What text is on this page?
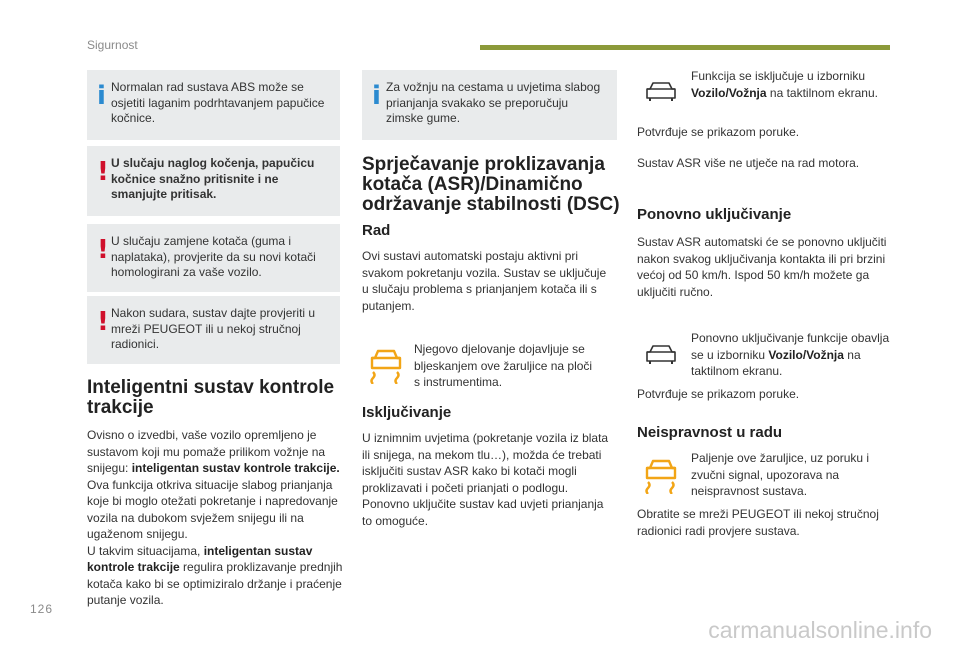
Sigurnost
126
carmanualsonline.info
i Normalan rad sustava ABS može se osjetiti laganim podrhtavanjem papučice kočnice.
! U slučaju naglog kočenja, papučicu kočnice snažno pritisnite i ne smanjujte pritisak.
! U slučaju zamjene kotača (guma i naplataka), provjerite da su novi kotači homologirani za vaše vozilo.
! Nakon sudara, sustav dajte provjeriti u mreži PEUGEOT ili u nekoj stručnoj radionici.
Inteligentni sustav kontrole trakcije
Ovisno o izvedbi, vaše vozilo opremljeno je sustavom koji mu pomaže prilikom vožnje na snijegu: inteligentan sustav kontrole trakcije.
Ova funkcija otkriva situacije slabog prianjanja koje bi moglo otežati pokretanje i napredovanje vozila na dubokom svježem snijegu ili na ugaženom snijegu.
U takvim situacijama, inteligentan sustav kontrole trakcije regulira proklizavanje prednjih kotača kako bi se optimiziralo držanje i praćenje putanje vozila.
i Za vožnju na cestama u uvjetima slabog prianjanja svakako se preporučuju zimske gume.
Sprječavanje proklizavanja kotača (ASR)/Dinamično održavanje stabilnosti (DSC)
Rad
Ovi sustavi automatski postaju aktivni pri svakom pokretanju vozila. Sustav se uključuje u slučaju problema s prianjanjem kotača ili s putanjem.
Njegovo djelovanje dojavljuje se bljeskanjem ove žaruljice na ploči s instrumentima.
Isključivanje
U iznimnim uvjetima (pokretanje vozila iz blata ili snijega, na mekom tlu…), možda će trebati isključiti sustav ASR kako bi kotači mogli proklizavati i početi prianjati o podlogu. Ponovno uključite sustav kad uvjeti prianjanja to omoguće.
Funkcija se isključuje u izborniku Vozilo/Vožnja na taktilnom ekranu.
Potvrđuje se prikazom poruke.
Sustav ASR više ne utječe na rad motora.
Ponovno uključivanje
Sustav ASR automatski će se ponovno uključiti nakon svakog uključivanja kontakta ili pri brzini većoj od 50 km/h. Ispod 50 km/h možete ga uključiti ručno.
Ponovno uključivanje funkcije obavlja se u izborniku Vozilo/Vožnja na taktilnom ekranu.
Potvrđuje se prikazom poruke.
Neispravnost u radu
Paljenje ove žaruljice, uz poruku i zvučni signal, upozorava na neispravnost sustava.
Obratite se mreži PEUGEOT ili nekoj stručnoj radionici radi provjere sustava.
